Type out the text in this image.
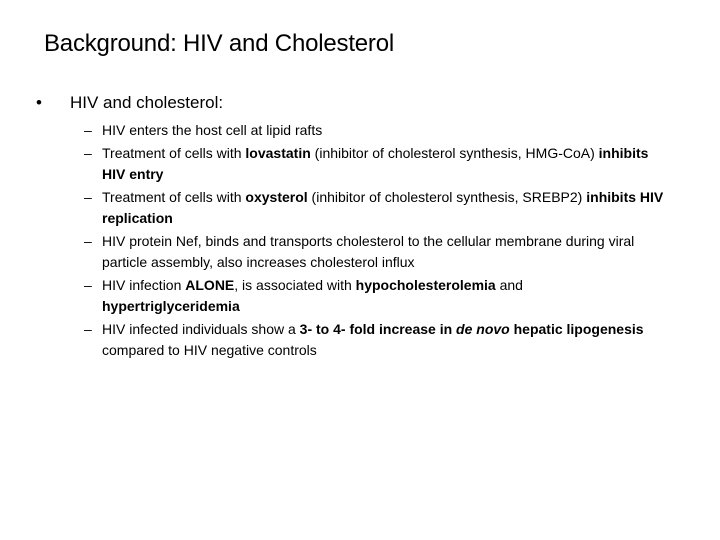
Background: HIV and Cholesterol
• HIV and cholesterol:
– HIV enters the host cell at lipid rafts
– Treatment of cells with lovastatin (inhibitor of cholesterol synthesis, HMG-CoA) inhibits HIV entry
– Treatment of cells with oxysterol (inhibitor of cholesterol synthesis, SREBP2) inhibits HIV replication
– HIV protein Nef, binds and transports cholesterol to the cellular membrane during viral particle assembly, also increases cholesterol influx
– HIV infection ALONE, is associated with hypocholesterolemia and hypertriglyceridemia
– HIV infected individuals show a 3- to 4- fold increase in de novo hepatic lipogenesis compared to HIV negative controls
